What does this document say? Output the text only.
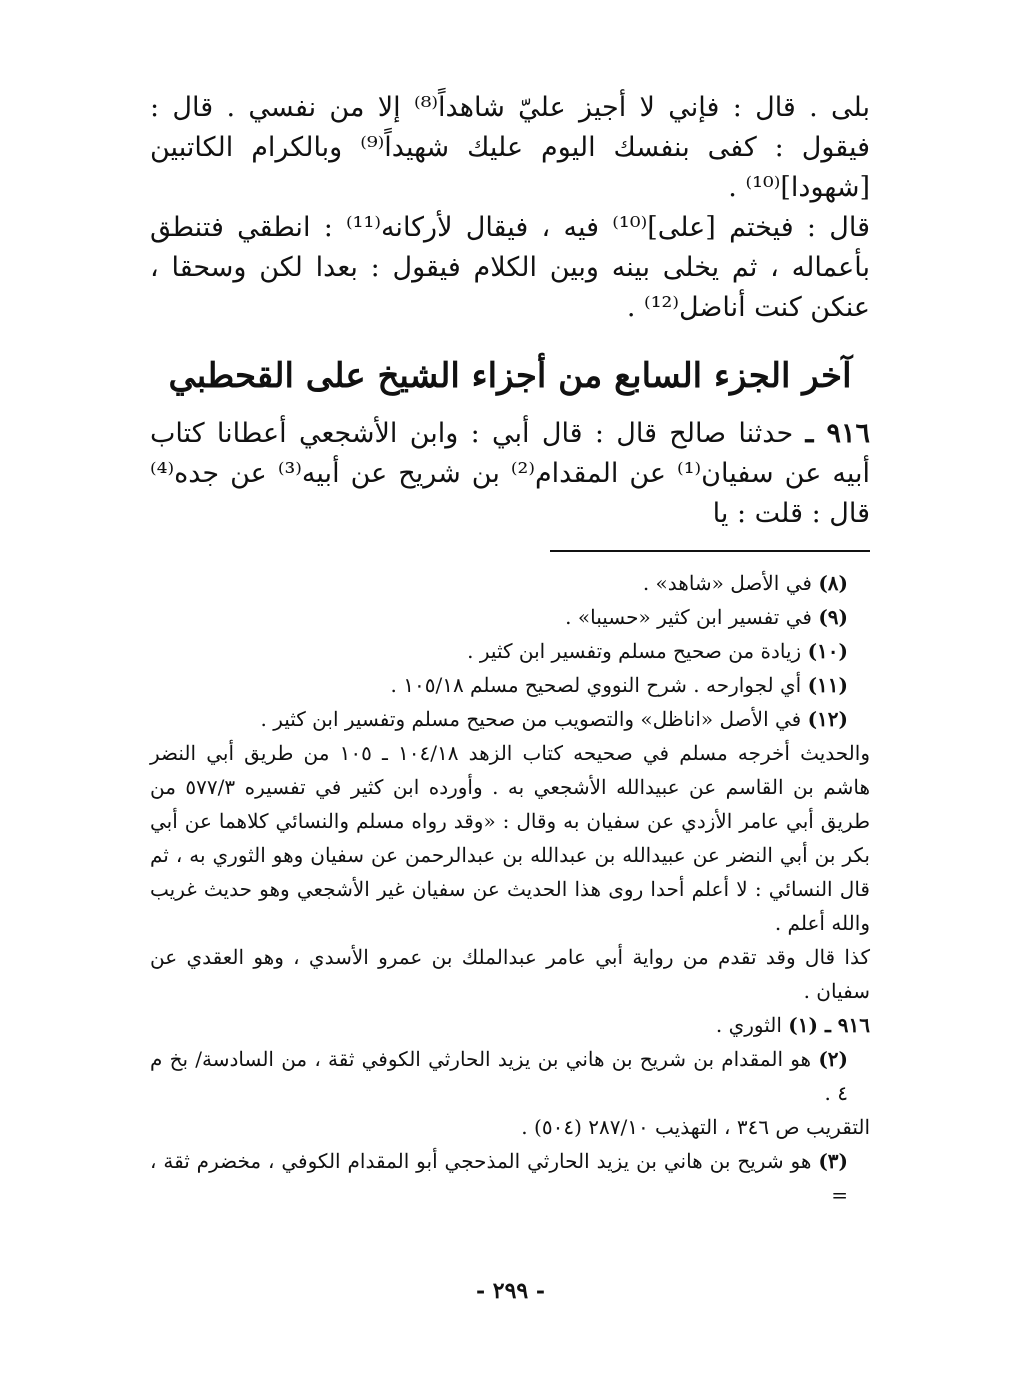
بلى . قال : فإني لا أجيز عليّ شاهداً⁽⁸⁾ إلا من نفسي . قال : فيقول : كفى بنفسك اليوم عليك شهيداً⁽⁹⁾ وبالكرام الكاتبين [شهودا]⁽¹⁰⁾ .

قال : فيختم [على]⁽¹⁰⁾ فيه ، فيقال لأركانه⁽¹¹⁾ : انطقي فتنطق بأعماله ، ثم يخلى بينه وبين الكلام فيقول : بعدا لكن وسحقا ، عنكن كنت أناضل⁽¹²⁾ .

آخر الجزء السابع من أجزاء الشيخ على القحطبي

٩١٦ ـ حدثنا صالح قال : قال أبي : وابن الأشجعي أعطانا كتاب أبيه عن سفيان⁽¹⁾ عن المقدام⁽²⁾ بن شريح عن أبيه⁽³⁾ عن جده⁽⁴⁾ قال : قلت : يا

(٨) في الأصل «شاهد» .

(٩) في تفسير ابن كثير «حسيبا» .

(١٠) زيادة من صحيح مسلم وتفسير ابن كثير .

(١١) أي لجوارحه . شرح النووي لصحيح مسلم ١٠٥/١٨ .

(١٢) في الأصل «اناظل» والتصويب من صحيح مسلم وتفسير ابن كثير .

والحديث أخرجه مسلم في صحيحه كتاب الزهد ١٠٤/١٨ ـ ١٠٥ من طريق أبي النضر هاشم بن القاسم عن عبيدالله الأشجعي به . وأورده ابن كثير في تفسيره ٥٧٧/٣ من طريق أبي عامر الأزدي عن سفيان به وقال : «وقد رواه مسلم والنسائي كلاهما عن أبي بكر بن أبي النضر عن عبيدالله بن عبدالله بن عبدالرحمن عن سفيان وهو الثوري به ، ثم قال النسائي : لا أعلم أحدا روى هذا الحديث عن سفيان غير الأشجعي وهو حديث غريب والله أعلم .

كذا قال وقد تقدم من رواية أبي عامر عبدالملك بن عمرو الأسدي ، وهو العقدي عن سفيان .

٩١٦ ـ (١) الثوري .

(٢) هو المقدام بن شريح بن هاني بن يزيد الحارثي الكوفي ثقة ، من السادسة/ بخ م ٤ .

التقريب ص ٣٤٦ ، التهذيب ٢٨٧/١٠ (٥٠٤) .

(٣) هو شريح بن هاني بن يزيد الحارثي المذحجي أبو المقدام الكوفي ، مخضرم ثقة ، =

- ٢٩٩ -
